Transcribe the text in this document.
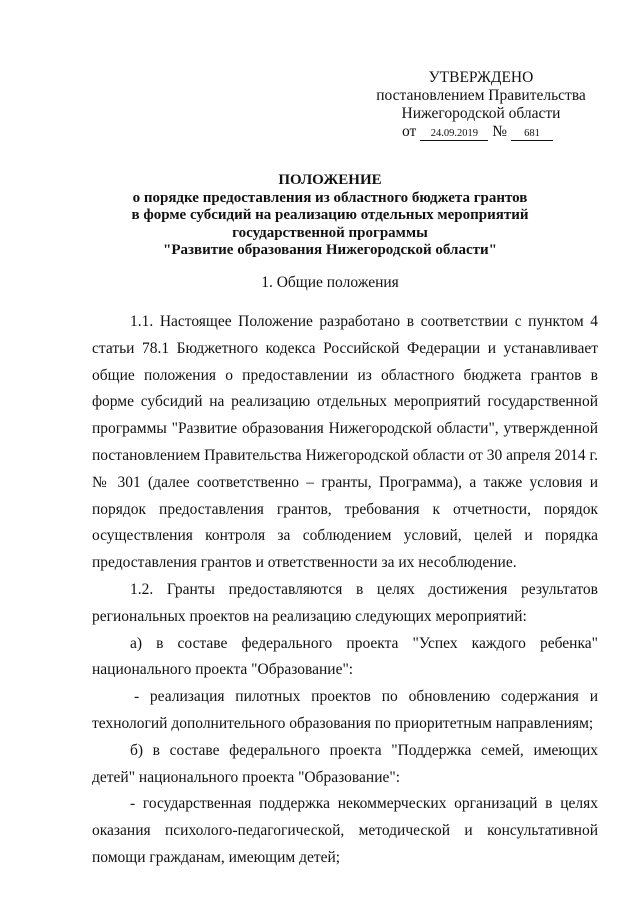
УТВЕРЖДЕНО
постановлением Правительства
Нижегородской области
от 24.09.2019 № 681
ПОЛОЖЕНИЕ
о порядке предоставления из областного бюджета грантов
в форме субсидий на реализацию отдельных мероприятий
государственной программы
"Развитие образования Нижегородской области"
1. Общие положения

1.1. Настоящее Положение разработано в соответствии с пунктом 4 статьи 78.1 Бюджетного кодекса Российской Федерации и устанавливает общие положения о предоставлении из областного бюджета грантов в форме субсидий на реализацию отдельных мероприятий государственной программы "Развитие образования Нижегородской области", утвержденной постановлением Правительства Нижегородской области от 30 апреля 2014 г. № 301 (далее соответственно – гранты, Программа), а также условия и порядок предоставления грантов, требования к отчетности, порядок осуществления контроля за соблюдением условий, целей и порядка предоставления грантов и ответственности за их несоблюдение.

1.2. Гранты предоставляются в целях достижения результатов региональных проектов на реализацию следующих мероприятий:

а) в составе федерального проекта "Успех каждого ребенка" национального проекта "Образование":

- реализация пилотных проектов по обновлению содержания и технологий дополнительного образования по приоритетным направлениям;

б) в составе федерального проекта "Поддержка семей, имеющих детей" национального проекта "Образование":

- государственная поддержка некоммерческих организаций в целях оказания психолого-педагогической, методической и консультативной помощи гражданам, имеющим детей;
